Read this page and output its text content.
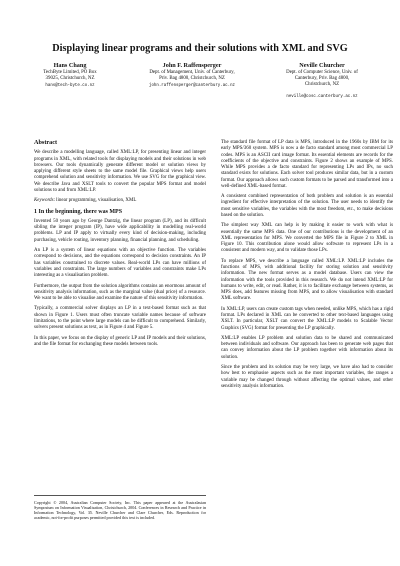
Displaying linear programs and their solutions with XML and SVG
Hans Chang
TechByte Limited, PO Box
39025, Christchurch, NZ
hans@tech-byte.co.nz
John F. Raffensperger
Dept. of Management, Univ. of Canterbury,
Priv. Bag 4800, Christchurch, NZ
john.raffensperger@canterbury.ac.nz
Neville Churcher
Dept. of Computer Science, Univ. of
Canterbury, Priv. Bag 4800,
Christchurch, NZ
neville@cosc.canterbury.ac.nz
Abstract

We describe a modelling language, called XML:LP, for presenting linear and integer programs in XML, with related tools for displaying models and their solutions in web browsers. Our tools dynamically generate different model or solution views by applying different style sheets to the same model file. Graphical views help users comprehend solution and sensitivity information. We use SVG for the graphical view. We describe Java and XSLT tools to convert the popular MPS format and model solutions to and from XML:LP.

Keywords: linear programming, visualisation, XML

1 In the beginning, there was MPS

Invented 50 years ago by George Dantzig, the linear program (LP), and its difficult sibling the integer program (IP), have wide applicability in modelling real-world problems. LP and IP apply to virtually every kind of decision-making, including purchasing, vehicle routing, inventory planning, financial planning, and scheduling.

An LP is a system of linear equations with an objective function. The variables correspond to decisions, and the equations correspond to decision constraints. An IP has variables constrained to discrete values. Real-world LPs can have millions of variables and constraints. The large numbers of variables and constraints make LPs interesting as a visualisation problem.

Furthermore, the output from the solution algorithms contains an enormous amount of sensitivity analysis information, such as the marginal value (dual price) of a resource. We want to be able to visualise and examine the nature of this sensitivity information.

Typically, a commercial solver displays an LP in a text-based format such as that shown in Figure 1. Users must often truncate variable names because of software limitations, to the point where large models can be difficult to comprehend. Similarly, solvers present solutions as text, as in Figure 4 and Figure 5.

In this paper, we focus on the display of generic LP and IP models and their solutions, and the file format for exchanging these models between tools.

Copyright © 2004, Australian Computer Society, Inc. This paper appeared at the Australasian Symposium on Information Visualisation, Christchurch, 2004. Conferences in Research and Practice in Information Technology, Vol. 35. Neville Churcher and Clare Churcher, Eds. Reproduction for academic, not-for-profit purposes permitted provided this text is included.

The standard file format of LP data is MPS, introduced in the 1960s by IBM for its early MPS/360 system. MPS is now a de facto standard among most commercial LP codes. MPS is an ASCII card image format. Its essential elements are records for the coefficients of the objective and constraints. Figure 2 shows an example of MPS. While MPS provides a de facto standard for representing LPs and IPs, no such standard exists for solutions. Each solver tool produces similar data, but in a custom format. Our approach allows such custom formats to be parsed and transformed into a well-defined XML-based format.

A consistent combined representation of both problem and solution is an essential ingredient for effective interpretation of the solution. The user needs to identify the most sensitive variables, the variables with the most freedom, etc., to make decisions based on the solution.

The simplest way XML can help is by making it easier to work with what is essentially the same MPS data. One of our contributions is the development of an XML representation for MPS. We converted the MPS file in Figure 2 to XML in Figure 10. This contribution alone would allow software to represent LPs in a consistent and modern way, and to validate those LPs.

To replace MPS, we describe a language called XML:LP. XML:LP includes the functions of MPS, with additional facility for storing solution and sensitivity information. The new format serves as a model database. Users can view the information with the tools provided in this research. We do not intend XML:LP for humans to write, edit, or read. Rather, it is to facilitate exchange between systems, as MPS does, add features missing from MPS, and to allow visualisation with standard XML software.

In XML:LP, users can create custom tags when needed, unlike MPS, which has a rigid format. LPs declared in XML can be converted to other text-based languages using XSLT. In particular, XSLT can convert the XML:LP models to Scalable Vector Graphics (SVG) format for presenting the LP graphically.

XML:LP enables LP problem and solution data to be shared and communicated between individuals and software. Our approach has been to generate web pages that can convey information about the LP problem together with information about its solution.

Since the problem and its solution may be very large, we have also had to consider how best to emphasise aspects such as the most important variables, the ranges a variable may be changed through without affecting the optimal values, and other sensitivity analysis information.
